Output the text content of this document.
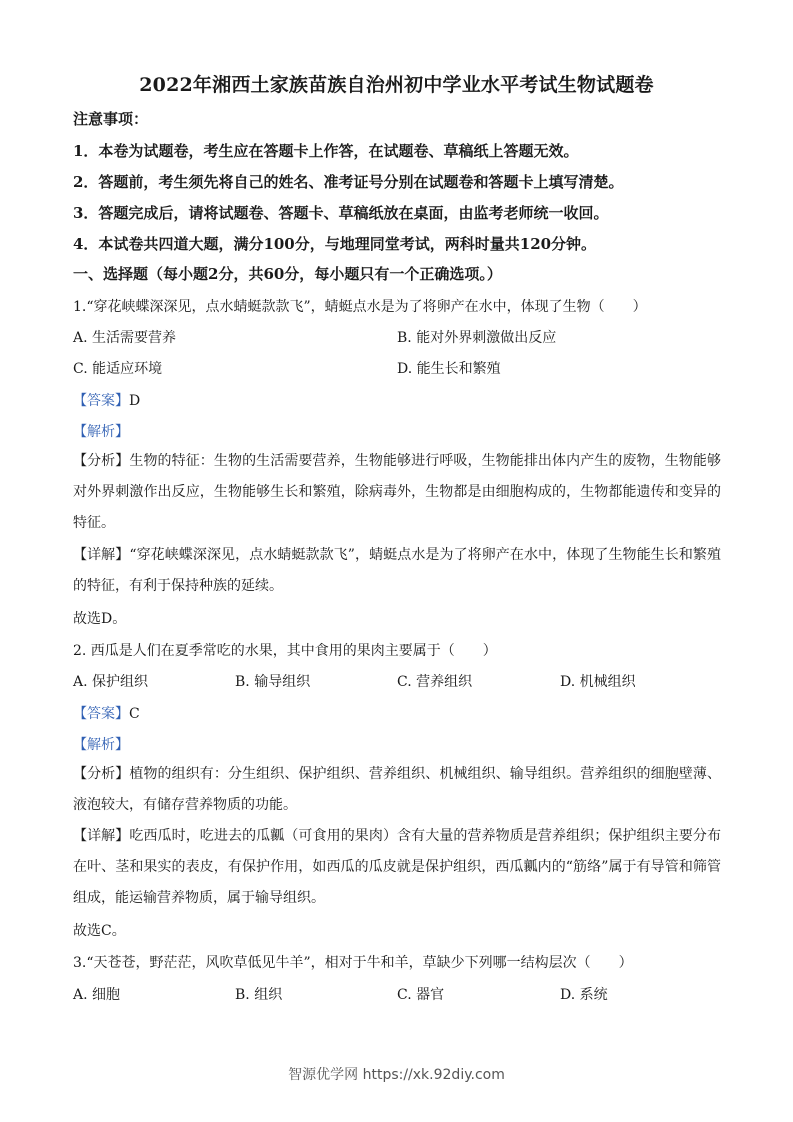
2022年湘西土家族苗族自治州初中学业水平考试生物试题卷
注意事项：
1．本卷为试题卷，考生应在答题卡上作答，在试题卷、草稿纸上答题无效。
2．答题前，考生须先将自己的姓名、准考证号分别在试题卷和答题卡上填写清楚。
3．答题完成后，请将试题卷、答题卡、草稿纸放在桌面，由监考老师统一收回。
4．本试卷共四道大题，满分100分，与地理同堂考试，两科时量共120分钟。
一、选择题（每小题2分，共60分，每小题只有一个正确选项。）
1.“穿花峡蝶深深见，点水蜻蜓款款飞”，蜻蜓点水是为了将卵产在水中，体现了生物（　　）
A. 生活需要营养	B. 能对外界刺激做出反应
C. 能适应环境	D. 能生长和繁殖
【答案】D
【解析】
【分析】生物的特征：生物的生活需要营养，生物能够进行呼吸，生物能排出体内产生的废物，生物能够对外界刺激作出反应，生物能够生长和繁殖，除病毒外，生物都是由细胞构成的，生物都能遗传和变异的特征。
【详解】“穿花峡蝶深深见，点水蜻蜓款款飞”，蜻蜓点水是为了将卵产在水中，体现了生物能生长和繁殖的特征，有利于保持种族的延续。
故选D。
2. 西瓜是人们在夏季常吃的水果，其中食用的果肉主要属于（　　）
A. 保护组织	B. 输导组织	C. 营养组织	D. 机械组织
【答案】C
【解析】
【分析】植物的组织有：分生组织、保护组织、营养组织、机械组织、输导组织。营养组织的细胞壁薄、液泡较大，有储存营养物质的功能。
【详解】吃西瓜时，吃进去的瓜瓤（可食用的果肉）含有大量的营养物质是营养组织；保护组织主要分布在叶、茎和果实的表皮，有保护作用，如西瓜的瓜皮就是保护组织，西瓜瓤内的“筋络”属于有导管和筛管组成，能运输营养物质，属于输导组织。
故选C。
3.“天苍苍，野茫茫，风吹草低见牛羊”，相对于牛和羊，草缺少下列哪一结构层次（　　）
A. 细胞	B. 组织	C. 器官	D. 系统
智源优学网 https://xk.92diy.com
